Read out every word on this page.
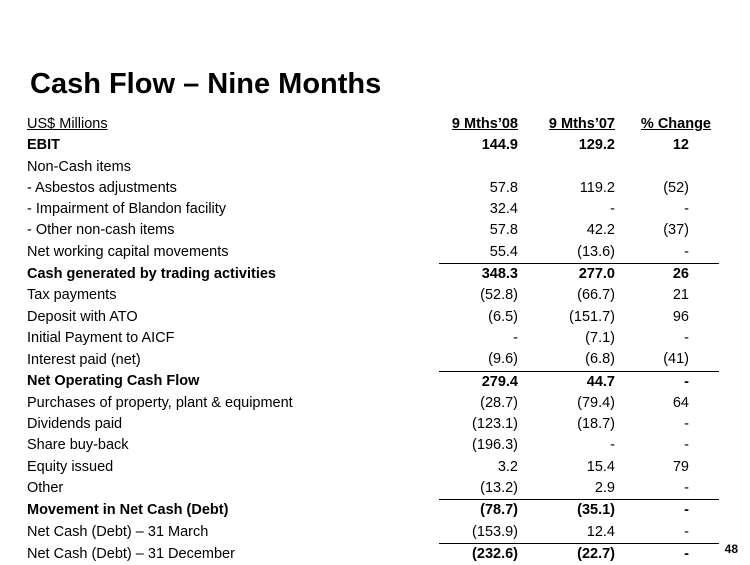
Cash Flow – Nine Months
US$ Millions	9 Mths’08	9 Mths’07	% Change
EBIT	144.9	129.2	12
Non-Cash items			
- Asbestos adjustments	57.8	119.2	(52)
- Impairment of Blandon facility	32.4	-	-
- Other non-cash items	57.8	42.2	(37)
Net working capital movements	55.4	(13.6)	-
Cash generated by trading activities	348.3	277.0	26
Tax payments	(52.8)	(66.7)	21
Deposit with ATO	(6.5)	(151.7)	96
Initial Payment to AICF	-	(7.1)	-
Interest paid (net)	(9.6)	(6.8)	(41)
Net Operating Cash Flow	279.4	44.7	-
Purchases of property, plant & equipment	(28.7)	(79.4)	64
Dividends paid	(123.1)	(18.7)	-
Share buy-back	(196.3)	-	-
Equity issued	3.2	15.4	79
Other	(13.2)	2.9	-
Movement in Net Cash (Debt)	(78.7)	(35.1)	-
Net Cash (Debt) – 31 March	(153.9)	12.4	-
Net Cash (Debt) – 31 December	(232.6)	(22.7)	-	48
